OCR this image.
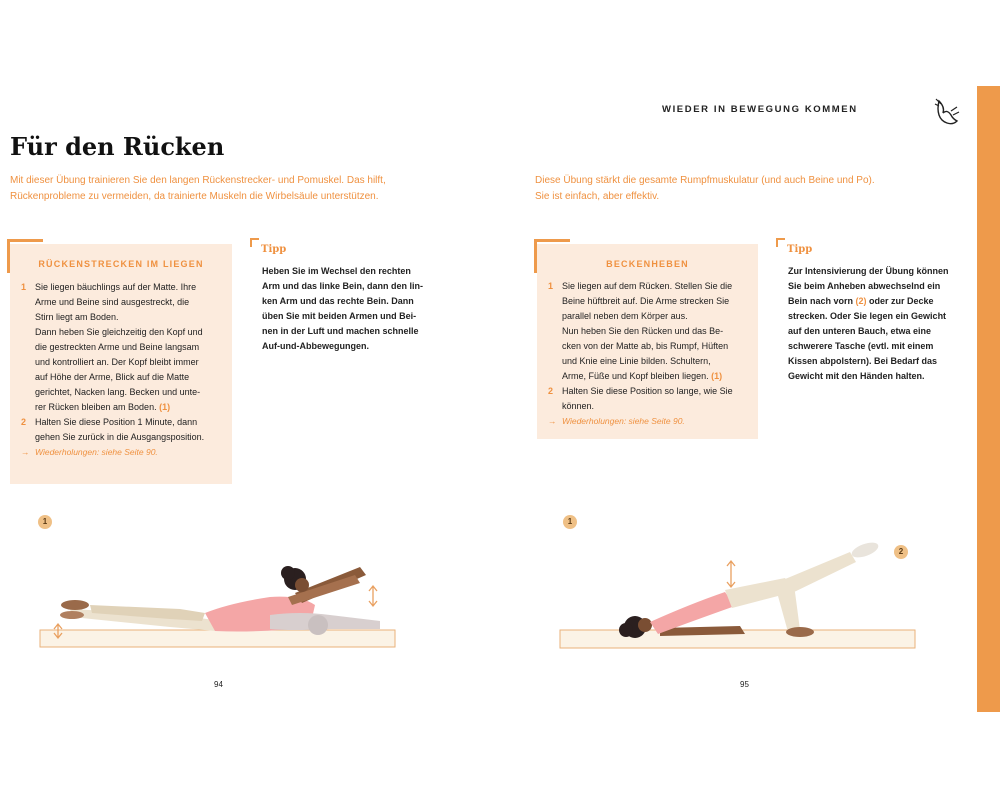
WIEDER IN BEWEGUNG KOMMEN
Für den Rücken

Mit dieser Übung trainieren Sie den langen Rückenstrecker- und Pomuskel. Das hilft, Rückenprobleme zu vermeiden, da trainierte Muskeln die Wirbelsäule unterstützen.

Diese Übung stärkt die gesamte Rumpfmuskulatur (und auch Beine und Po).
Sie ist einfach, aber effektiv.

RÜCKENSTRECKEN IM LIEGEN
1 Sie liegen bäuchlings auf der Matte. Ihre
Arme und Beine sind ausgestreckt, die
Stirn liegt am Boden.
Dann heben Sie gleichzeitig den Kopf und
die gestreckten Arme und Beine langsam
und kontrolliert an. Der Kopf bleibt immer
auf Höhe der Arme, Blick auf die Matte
gerichtet, Nacken lang. Becken und unte-
rer Rücken bleiben am Boden. (1)
2 Halten Sie diese Position 1 Minute, dann
gehen Sie zurück in die Ausgangsposition.
→ Wiederholungen: siehe Seite 90.
Tipp
Heben Sie im Wechsel den rechten
Arm und das linke Bein, dann den lin-
ken Arm und das rechte Bein. Dann
üben Sie mit beiden Armen und Bei-
nen in der Luft und machen schnelle
Auf-und-Abbewegungen.
BECKENHEBEN
1 Sie liegen auf dem Rücken. Stellen Sie die
Beine hüftbreit auf. Die Arme strecken Sie
parallel neben dem Körper aus.
Nun heben Sie den Rücken und das Be-
cken von der Matte ab, bis Rumpf, Hüften
und Knie eine Linie bilden. Schultern,
Arme, Füße und Kopf bleiben liegen. (1)
2 Halten Sie diese Position so lange, wie Sie
können.
→ Wiederholungen: siehe Seite 90.
Tipp
Zur Intensivierung der Übung können
Sie beim Anheben abwechselnd ein
Bein nach vorn (2) oder zur Decke
strecken. Oder Sie legen ein Gewicht
auf den unteren Bauch, etwa eine
schwerere Tasche (evtl. mit einem
Kissen abpolstern). Bei Bedarf das
Gewicht mit den Händen halten.
1	1
2
94	95
